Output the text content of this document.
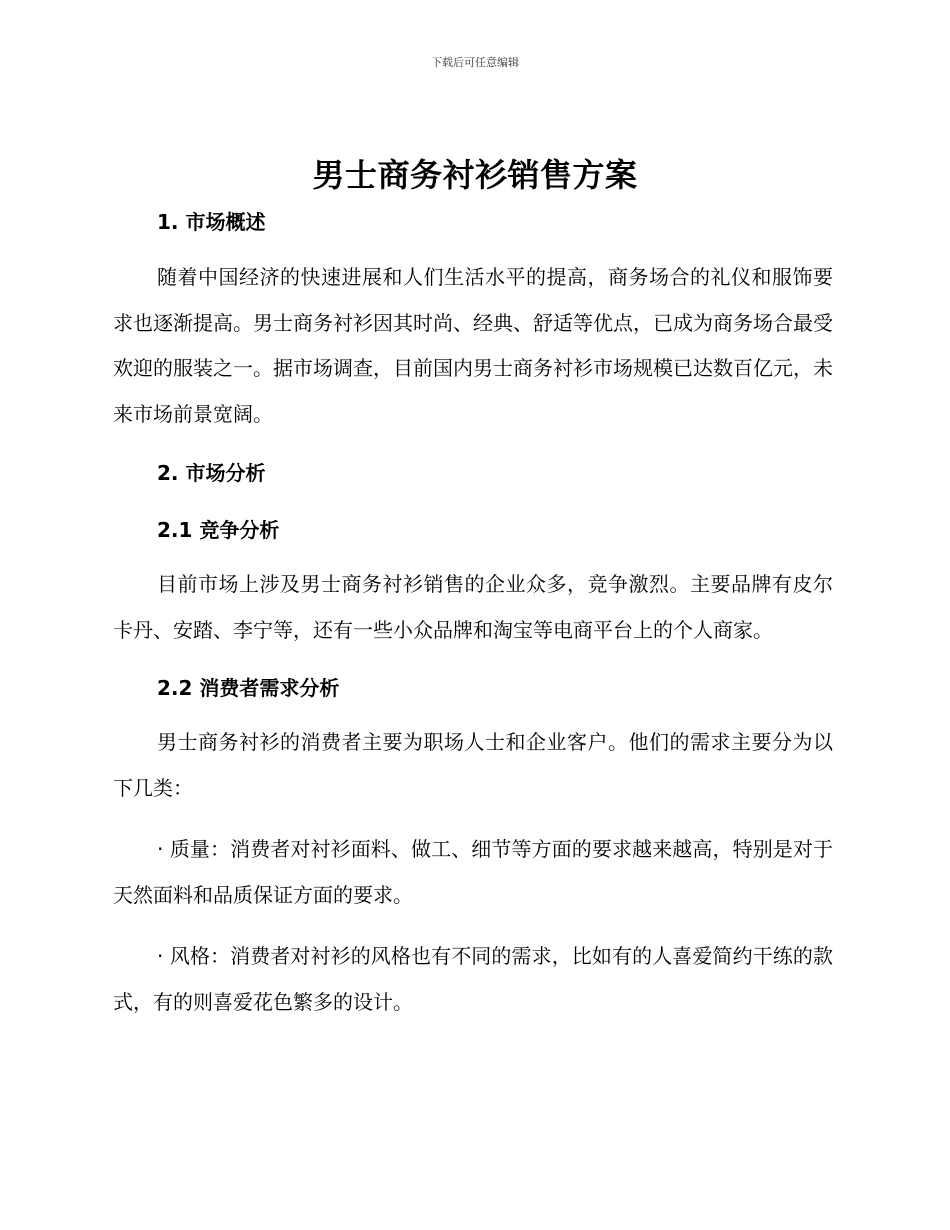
下载后可任意编辑
男士商务衬衫销售方案

1. 市场概述

随着中国经济的快速进展和人们生活水平的提高，商务场合的礼仪和服饰要求也逐渐提高。男士商务衬衫因其时尚、经典、舒适等优点，已成为商务场合最受欢迎的服装之一。据市场调查，目前国内男士商务衬衫市场规模已达数百亿元，未来市场前景宽阔。

2. 市场分析

2.1 竞争分析

目前市场上涉及男士商务衬衫销售的企业众多，竞争激烈。主要品牌有皮尔卡丹、安踏、李宁等，还有一些小众品牌和淘宝等电商平台上的个人商家。

2.2 消费者需求分析

男士商务衬衫的消费者主要为职场人士和企业客户。他们的需求主要分为以下几类：

· 质量：消费者对衬衫面料、做工、细节等方面的要求越来越高，特别是对于天然面料和品质保证方面的要求。

· 风格：消费者对衬衫的风格也有不同的需求，比如有的人喜爱简约干练的款式，有的则喜爱花色繁多的设计。
